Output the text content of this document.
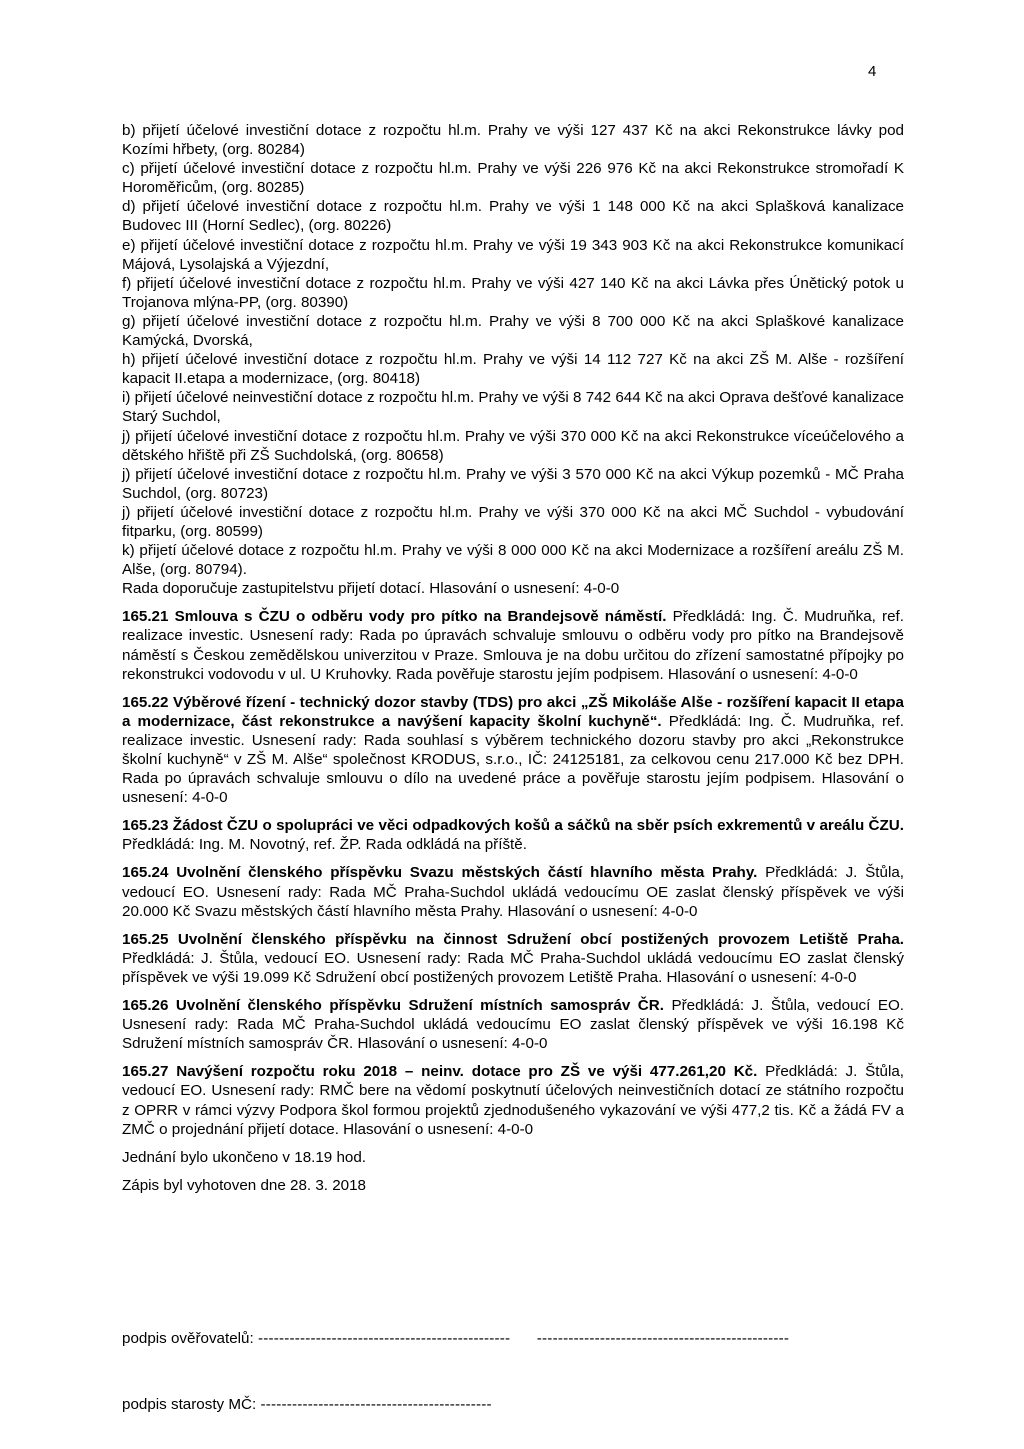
4

b) přijetí účelové investiční dotace z rozpočtu hl.m. Prahy ve výši 127 437 Kč na akci Rekonstrukce lávky pod Kozími hřbety, (org. 80284)

c) přijetí účelové investiční dotace z rozpočtu hl.m. Prahy ve výši 226 976 Kč na akci Rekonstrukce stromořadí K Horoměřicům, (org. 80285)

d) přijetí účelové investiční dotace z rozpočtu hl.m. Prahy ve výši 1 148 000 Kč na akci Splašková kanalizace Budovec III (Horní Sedlec), (org. 80226)

e) přijetí účelové investiční dotace z rozpočtu hl.m. Prahy ve výši 19 343 903 Kč na akci Rekonstrukce komunikací Májová, Lysolajská a Výjezdní,

f) přijetí účelové investiční dotace z rozpočtu hl.m. Prahy ve výši 427 140 Kč na akci Lávka přes Únětický potok u Trojanova mlýna-PP, (org. 80390)

g) přijetí účelové investiční dotace z rozpočtu hl.m. Prahy ve výši 8 700 000 Kč na akci Splaškové kanalizace Kamýcká, Dvorská,

h) přijetí účelové investiční dotace z rozpočtu hl.m. Prahy ve výši 14 112 727 Kč na akci ZŠ M. Alše - rozšíření kapacit II.etapa a modernizace, (org. 80418)

i) přijetí účelové neinvestiční dotace z rozpočtu hl.m. Prahy ve výši 8 742 644 Kč na akci Oprava dešťové kanalizace Starý Suchdol,

j) přijetí účelové investiční dotace z rozpočtu hl.m. Prahy ve výši 370 000 Kč na akci Rekonstrukce víceúčelového a dětského hřiště při ZŠ Suchdolská, (org. 80658)

j) přijetí účelové investiční dotace z rozpočtu hl.m. Prahy ve výši 3 570 000 Kč na akci Výkup pozemků - MČ Praha Suchdol, (org. 80723)

j) přijetí účelové investiční dotace z rozpočtu hl.m. Prahy ve výši 370 000 Kč na akci MČ Suchdol - vybudování fitparku, (org. 80599)

k) přijetí účelové dotace z rozpočtu hl.m. Prahy ve výši 8 000 000 Kč na akci Modernizace a rozšíření areálu ZŠ M. Alše, (org. 80794).

Rada doporučuje zastupitelstvu přijetí dotací. Hlasování o usnesení: 4-0-0

165.21 Smlouva s ČZU o odběru vody pro pítko na Brandejsově náměstí. Předkládá: Ing. Č. Mudruňka, ref. realizace investic. Usnesení rady: Rada po úpravách schvaluje smlouvu o odběru vody pro pítko na Brandejsově náměstí s Českou zemědělskou univerzitou v Praze. Smlouva je na dobu určitou do zřízení samostatné přípojky po rekonstrukci vodovodu v ul. U Kruhovky. Rada pověřuje starostu jejím podpisem. Hlasování o usnesení: 4-0-0

165.22 Výběrové řízení - technický dozor stavby (TDS) pro akci „ZŠ Mikoláše Alše - rozšíření kapacit II etapa a modernizace, část rekonstrukce a navýšení kapacity školní kuchyně“. Předkládá: Ing. Č. Mudruňka, ref. realizace investic. Usnesení rady: Rada souhlasí s výběrem technického dozoru stavby pro akci „Rekonstrukce školní kuchyně“ v ZŠ M. Alše“ společnost KRODUS, s.r.o., IČ: 24125181, za celkovou cenu 217.000 Kč bez DPH. Rada po úpravách schvaluje smlouvu o dílo na uvedené práce a pověřuje starostu jejím podpisem. Hlasování o usnesení: 4-0-0

165.23 Žádost ČZU o spolupráci ve věci odpadkových košů a sáčků na sběr psích exkrementů v areálu ČZU. Předkládá: Ing. M. Novotný, ref. ŽP. Rada odkládá na příště.

165.24 Uvolnění členského příspěvku Svazu městských částí hlavního města Prahy. Předkládá: J. Štůla, vedoucí EO. Usnesení rady: Rada MČ Praha-Suchdol ukládá vedoucímu OE zaslat členský příspěvek ve výši 20.000 Kč Svazu městských částí hlavního města Prahy. Hlasování o usnesení: 4-0-0

165.25 Uvolnění členského příspěvku na činnost Sdružení obcí postižených provozem Letiště Praha. Předkládá: J. Štůla, vedoucí EO. Usnesení rady: Rada MČ Praha-Suchdol ukládá vedoucímu EO zaslat členský příspěvek ve výši 19.099 Kč Sdružení obcí postižených provozem Letiště Praha. Hlasování o usnesení: 4-0-0

165.26 Uvolnění členského příspěvku Sdružení místních samospráv ČR. Předkládá: J. Štůla, vedoucí EO. Usnesení rady: Rada MČ Praha-Suchdol ukládá vedoucímu EO zaslat členský příspěvek ve výši 16.198 Kč Sdružení místních samospráv ČR. Hlasování o usnesení: 4-0-0

165.27 Navýšení rozpočtu roku 2018 – neinv. dotace pro ZŠ ve výši 477.261,20 Kč. Předkládá: J. Štůla, vedoucí EO. Usnesení rady: RMČ bere na vědomí poskytnutí účelových neinvestičních dotací ze státního rozpočtu z OPRR v rámci výzvy Podpora škol formou projektů zjednodušeného vykazování ve výši 477,2 tis. Kč a žádá FV a ZMČ o projednání přijetí dotace. Hlasování o usnesení: 4-0-0

Jednání bylo ukončeno v 18.19 hod.

Zápis byl vyhotoven dne 28. 3. 2018

podpis ověřovatelů: ------------------------------------------------ ------------------------------------------------
podpis starosty MČ: --------------------------------------------
